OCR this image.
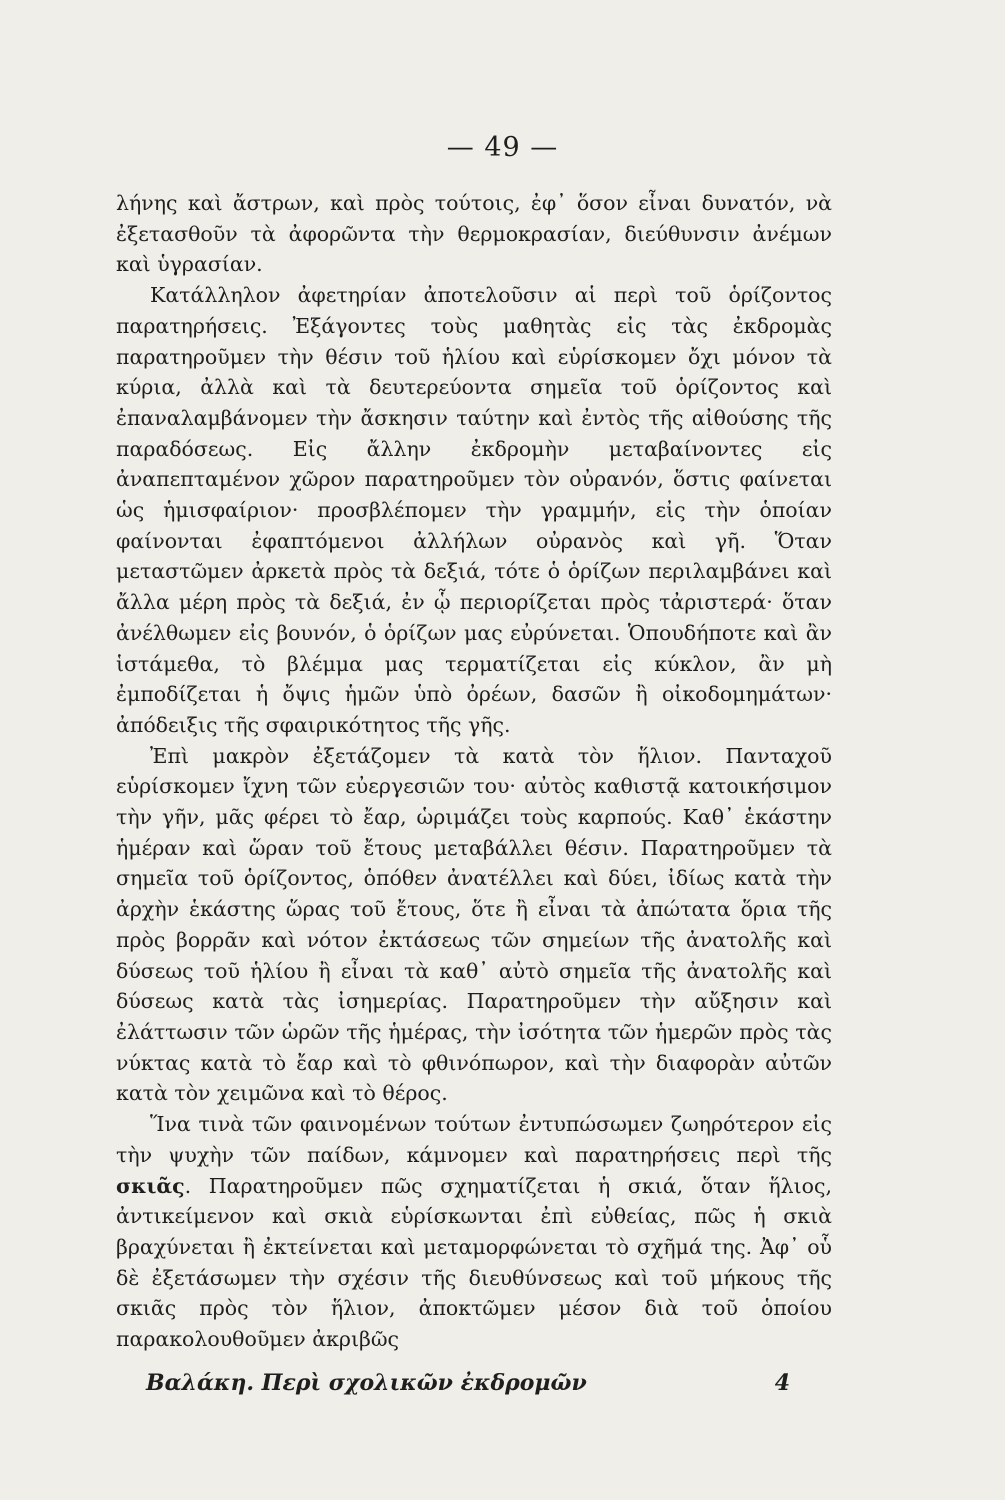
— 49 —

λήνης καὶ ἄστρων, καὶ πρὸς τούτοις, ἐφ᾽ ὅσον εἶναι δυνατόν, νὰ ἐξετασθοῦν τὰ ἀφορῶντα τὴν θερμοκρασίαν, διεύθυνσιν ἀνέμων καὶ ὑγρασίαν.

Κατάλληλον ἀφετηρίαν ἀποτελοῦσιν αἱ περὶ τοῦ ὁρίζοντος παρατηρήσεις. Ἐξάγοντες τοὺς μαθητὰς εἰς τὰς ἐκδρομὰς παρατηροῦμεν τὴν θέσιν τοῦ ἡλίου καὶ εὑρίσκομεν ὄχι μόνον τὰ κύρια, ἀλλὰ καὶ τὰ δευτερεύοντα σημεῖα τοῦ ὁρίζοντος καὶ ἐπαναλαμβάνομεν τὴν ἄσκησιν ταύτην καὶ ἐντὸς τῆς αἰθούσης τῆς παραδόσεως. Εἰς ἄλλην ἐκδρομὴν μεταβαίνοντες εἰς ἀναπεπταμένον χῶρον παρατηροῦμεν τὸν οὐρανόν, ὅστις φαίνεται ὡς ἡμισφαίριον· προσβλέπομεν τὴν γραμμήν, εἰς τὴν ὁποίαν φαίνονται ἐφαπτόμενοι ἀλλήλων οὐρανὸς καὶ γῆ. Ὅταν μεταστῶμεν ἀρκετὰ πρὸς τὰ δεξιά, τότε ὁ ὁρίζων περιλαμβάνει καὶ ἄλλα μέρη πρὸς τὰ δεξιά, ἐν ᾧ περιορίζεται πρὸς τἀριστερά· ὅταν ἀνέλθωμεν εἰς βουνόν, ὁ ὁρίζων μας εὐρύνεται. Ὁπουδήποτε καὶ ἂν ἱστάμεθα, τὸ βλέμμα μας τερματίζεται εἰς κύκλον, ἂν μὴ ἐμποδίζεται ἡ ὄψις ἡμῶν ὑπὸ ὀρέων, δασῶν ἢ οἰκοδομημάτων· ἀπόδειξις τῆς σφαιρικότητος τῆς γῆς.

Ἐπὶ μακρὸν ἐξετάζομεν τὰ κατὰ τὸν ἥλιον. Πανταχοῦ εὑρίσκομεν ἴχνη τῶν εὐεργεσιῶν του· αὐτὸς καθιστᾷ κατοικήσιμον τὴν γῆν, μᾶς φέρει τὸ ἔαρ, ὡριμάζει τοὺς καρπούς. Καθ᾽ ἑκάστην ἡμέραν καὶ ὥραν τοῦ ἔτους μεταβάλλει θέσιν. Παρατηροῦμεν τὰ σημεῖα τοῦ ὁρίζοντος, ὁπόθεν ἀνατέλλει καὶ δύει, ἰδίως κατὰ τὴν ἀρχὴν ἑκάστης ὥρας τοῦ ἔτους, ὅτε ἢ εἶναι τὰ ἀπώτατα ὅρια τῆς πρὸς βορρᾶν καὶ νότον ἐκτάσεως τῶν σημείων τῆς ἀνατολῆς καὶ δύσεως τοῦ ἡλίου ἢ εἶναι τὰ καθ᾽ αὐτὸ σημεῖα τῆς ἀνατολῆς καὶ δύσεως κατὰ τὰς ἰσημερίας. Παρατηροῦμεν τὴν αὔξησιν καὶ ἐλάττωσιν τῶν ὡρῶν τῆς ἡμέρας, τὴν ἰσότητα τῶν ἡμερῶν πρὸς τὰς νύκτας κατὰ τὸ ἔαρ καὶ τὸ φθινόπωρον, καὶ τὴν διαφορὰν αὐτῶν κατὰ τὸν χειμῶνα καὶ τὸ θέρος.

Ἵνα τινὰ τῶν φαινομένων τούτων ἐντυπώσωμεν ζωηρότερον εἰς τὴν ψυχὴν τῶν παίδων, κάμνομεν καὶ παρατηρήσεις περὶ τῆς σκιᾶς. Παρατηροῦμεν πῶς σχηματίζεται ἡ σκιά, ὅταν ἥλιος, ἀντικείμενον καὶ σκιὰ εὑρίσκωνται ἐπὶ εὐθείας, πῶς ἡ σκιὰ βραχύνεται ἢ ἐκτείνεται καὶ μεταμορφώνεται τὸ σχῆμά της. Ἀφ᾽ οὗ δὲ ἐξετάσωμεν τὴν σχέσιν τῆς διευθύνσεως καὶ τοῦ μήκους τῆς σκιᾶς πρὸς τὸν ἥλιον, ἀποκτῶμεν μέσον διὰ τοῦ ὁποίου παρακολουθοῦμεν ἀκριβῶς

Βαλάκη. Περὶ σχολικῶν ἐκδρομῶν	4
